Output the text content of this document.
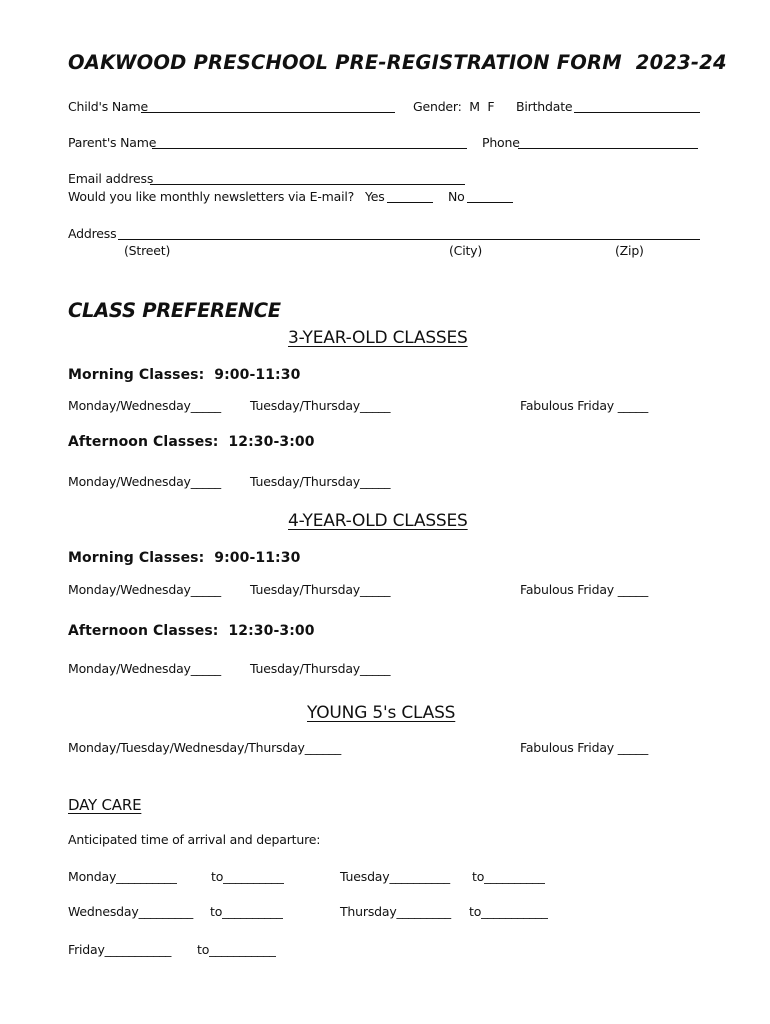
OAKWOOD PRESCHOOL PRE-REGISTRATION FORM  2023-24
Child's Name	Gender:  M  F Birthdate
Parent's Name	Phone
Email address
Would you like monthly newsletters via E-mail? Yes	No
Address
(Street)	(City)	(Zip)
CLASS PREFERENCE
3-YEAR-OLD CLASSES
Morning Classes:  9:00-11:30
Monday/Wednesday_____ Tuesday/Thursday_____	Fabulous Friday _____
Afternoon Classes:  12:30-3:00
Monday/Wednesday_____ Tuesday/Thursday_____
4-YEAR-OLD CLASSES
Morning Classes:  9:00-11:30
Monday/Wednesday_____ Tuesday/Thursday_____	Fabulous Friday _____
Afternoon Classes:  12:30-3:00
Monday/Wednesday_____ Tuesday/Thursday_____
YOUNG 5's CLASS
Monday/Tuesday/Wednesday/Thursday______	Fabulous Friday _____
DAY CARE
Anticipated time of arrival and departure:
Monday__________	to__________	Tuesday__________ to__________
Wednesday_________ to__________	Thursday_________ to___________
Friday___________ to___________
